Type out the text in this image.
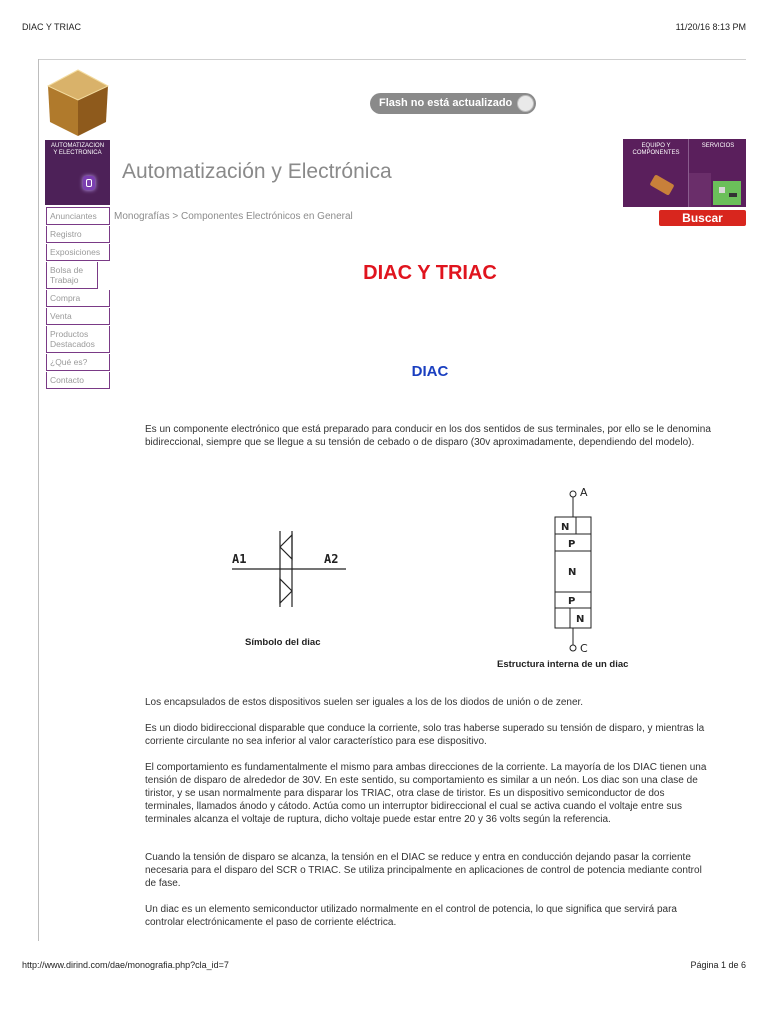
DIAC Y TRIAC	11/20/16 8:13 PM
Flash no está actualizado
AUTOMATIZACION
Y ELECTRONICA
Automatización y Electrónica
Monografías > Componentes Electrónicos en General
Anunciantes
Registro
Exposiciones
Bolsa de Trabajo
Compra
Venta
Productos Destacados
¿Qué es?
Contacto
EQUIPO Y COMPONENTES
SERVICIOS
Buscar
DIAC Y TRIAC
DIAC
Es un componente electrónico que está preparado para conducir en los dos sentidos de sus terminales, por ello se le denomina bidireccional, siempre que se llegue a su tensión de cebado o de disparo (30v aproximadamente, dependiendo del modelo).
A1	A2
Símbolo del diac
A
N
P
N
P
N
C
Estructura interna de un diac
Los encapsulados de estos dispositivos suelen ser iguales a los de los diodos de unión o de zener.
Es un diodo bidireccional disparable que conduce la corriente, solo tras haberse superado su tensión de disparo, y mientras la corriente circulante no sea inferior al valor característico para ese dispositivo.
El comportamiento es fundamentalmente el mismo para ambas direcciones de la corriente. La mayoría de los DIAC tienen una tensión de disparo de alrededor de 30V. En este sentido, su comportamiento es similar a un neón. Los diac son una clase de tiristor, y se usan normalmente para disparar los TRIAC, otra clase de tiristor. Es un dispositivo semiconductor de dos terminales, llamados ánodo y cátodo. Actúa como un interruptor bidireccional el cual se activa cuando el voltaje entre sus terminales alcanza el voltaje de ruptura, dicho voltaje puede estar entre 20 y 36 volts según la referencia.
Cuando la tensión de disparo se alcanza, la tensión en el DIAC se reduce y entra en conducción dejando pasar la corriente necesaria para el disparo del SCR o TRIAC. Se utiliza principalmente en aplicaciones de control de potencia mediante control de fase.
Un diac es un elemento semiconductor utilizado normalmente en el control de potencia, lo que significa que servirá para controlar electrónicamente el paso de corriente eléctrica.
http://www.dirind.com/dae/monografia.php?cla_id=7	Página 1 de 6
